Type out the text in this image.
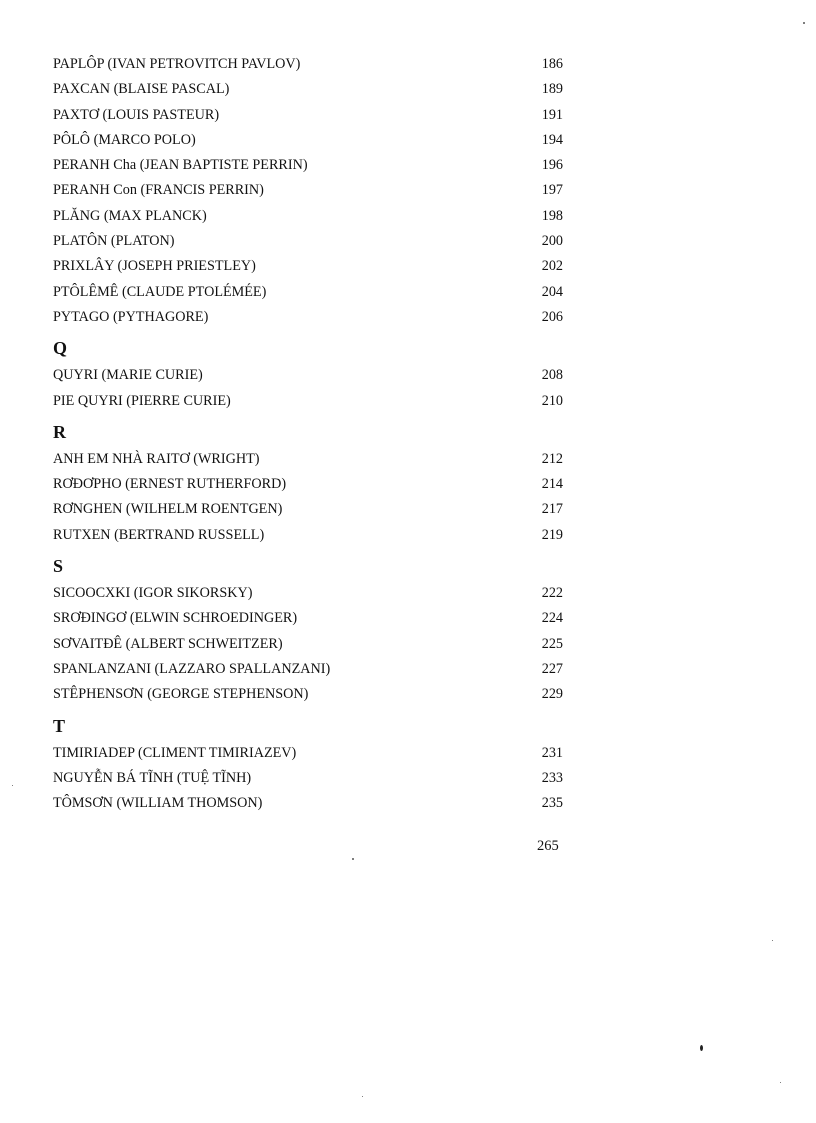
PAPLÔP (IVAN PETROVITCH PAVLOV)	186
PAXCAN (BLAISE PASCAL)	189
PAXTƠ (LOUIS PASTEUR)	191
PÔLÔ (MARCO POLO)	194
PERANH Cha (JEAN BAPTISTE PERRIN)	196
PERANH Con (FRANCIS PERRIN)	197
PLĂNG (MAX PLANCK)	198
PLATÔN (PLATON)	200
PRIXLÂY (JOSEPH PRIESTLEY)	202
PTÔLÊMÊ (CLAUDE PTOLÉMÉE)	204
PYTAGO (PYTHAGORE)	206
Q
QUYRI (MARIE CURIE)	208
PIE QUYRI (PIERRE CURIE)	210
R
ANH EM NHÀ RAITƠ (WRIGHT)	212
RƠĐƠPHO (ERNEST RUTHERFORD)	214
RƠNGHEN (WILHELM ROENTGEN)	217
RUTXEN (BERTRAND RUSSELL)	219
S
SICOOCXKI (IGOR SIKORSKY)	222
SRƠĐINGƠ (ELWIN SCHROEDINGER)	224
SƠVAITĐÊ (ALBERT SCHWEITZER)	225
SPANLANZANI (LAZZARO SPALLANZANI)	227
STÊPHENSƠN (GEORGE STEPHENSON)	229
T
TIMIRIADEP (CLIMENT TIMIRIAZEV)	231
NGUYỄN BÁ TĨNH (TUỆ TĨNH)	233
TÔMSƠN (WILLIAM THOMSON)	235
265
